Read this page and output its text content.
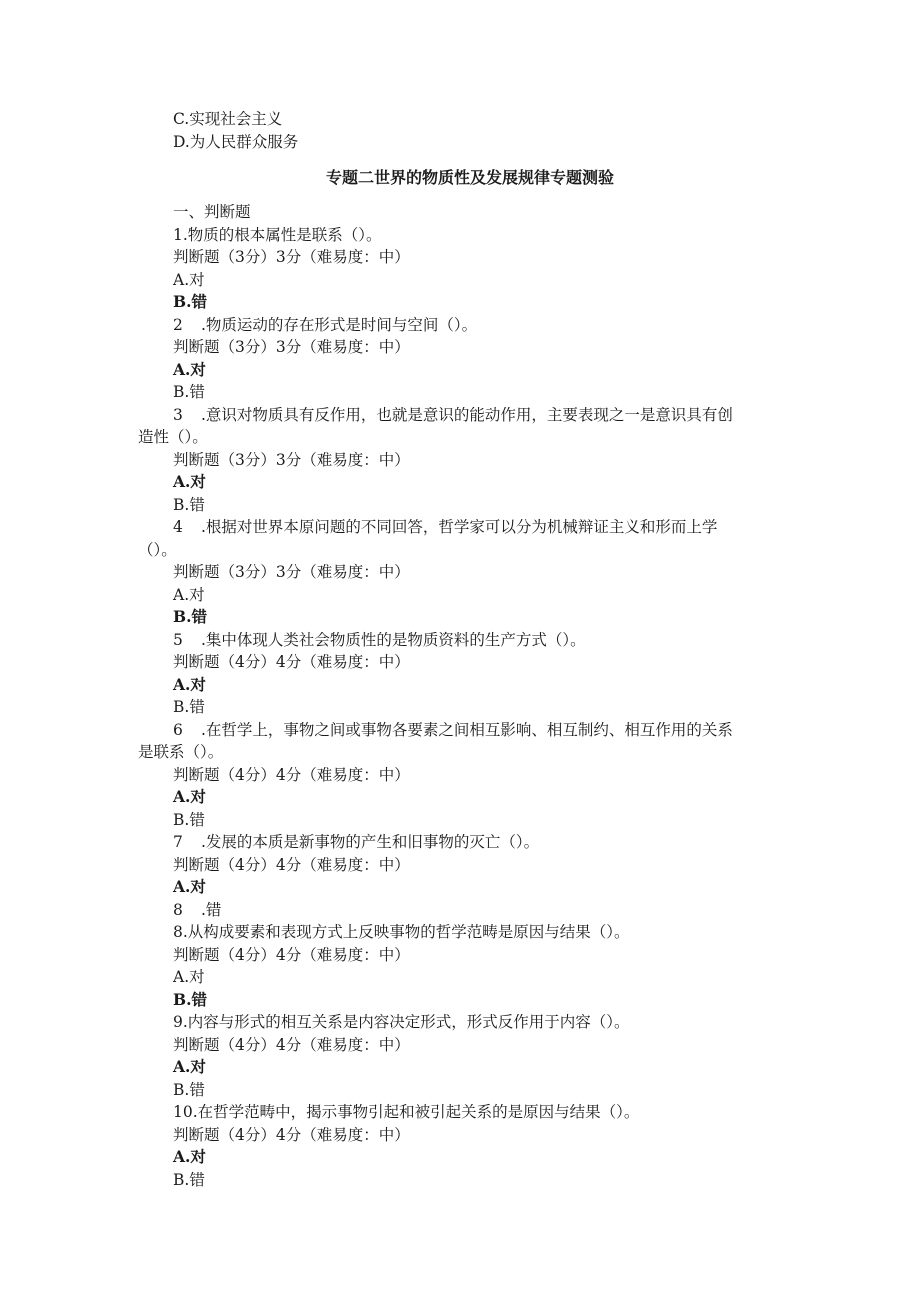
C.实现社会主义
D.为人民群众服务
专题二世界的物质性及发展规律专题测验
一、判断题
1.物质的根本属性是联系（）。
判断题（3分）3分（难易度：中）
A.对
B.错
2 .物质运动的存在形式是时间与空间（）。
判断题（3分）3分（难易度：中）
A.对
B.错
3 .意识对物质具有反作用，也就是意识的能动作用，主要表现之一是意识具有创
造性（）。
判断题（3分）3分（难易度：中）
A.对
B.错
4 .根据对世界本原问题的不同回答，哲学家可以分为机械辩证主义和形而上学
（）。
判断题（3分）3分（难易度：中）
A.对
B.错
5 .集中体现人类社会物质性的是物质资料的生产方式（）。
判断题（4分）4分（难易度：中）
A.对
B.错
6 .在哲学上，事物之间或事物各要素之间相互影响、相互制约、相互作用的关系
是联系（）。
判断题（4分）4分（难易度：中）
A.对
B.错
7 .发展的本质是新事物的产生和旧事物的灭亡（）。
判断题（4分）4分（难易度：中）
A.对
8 .错
8.从构成要素和表现方式上反映事物的哲学范畴是原因与结果（）。
判断题（4分）4分（难易度：中）
A.对
B.错
9.内容与形式的相互关系是内容决定形式，形式反作用于内容（）。
判断题（4分）4分（难易度：中）
A.对
B.错
10.在哲学范畴中，揭示事物引起和被引起关系的是原因与结果（）。
判断题（4分）4分（难易度：中）
A.对
B.错
